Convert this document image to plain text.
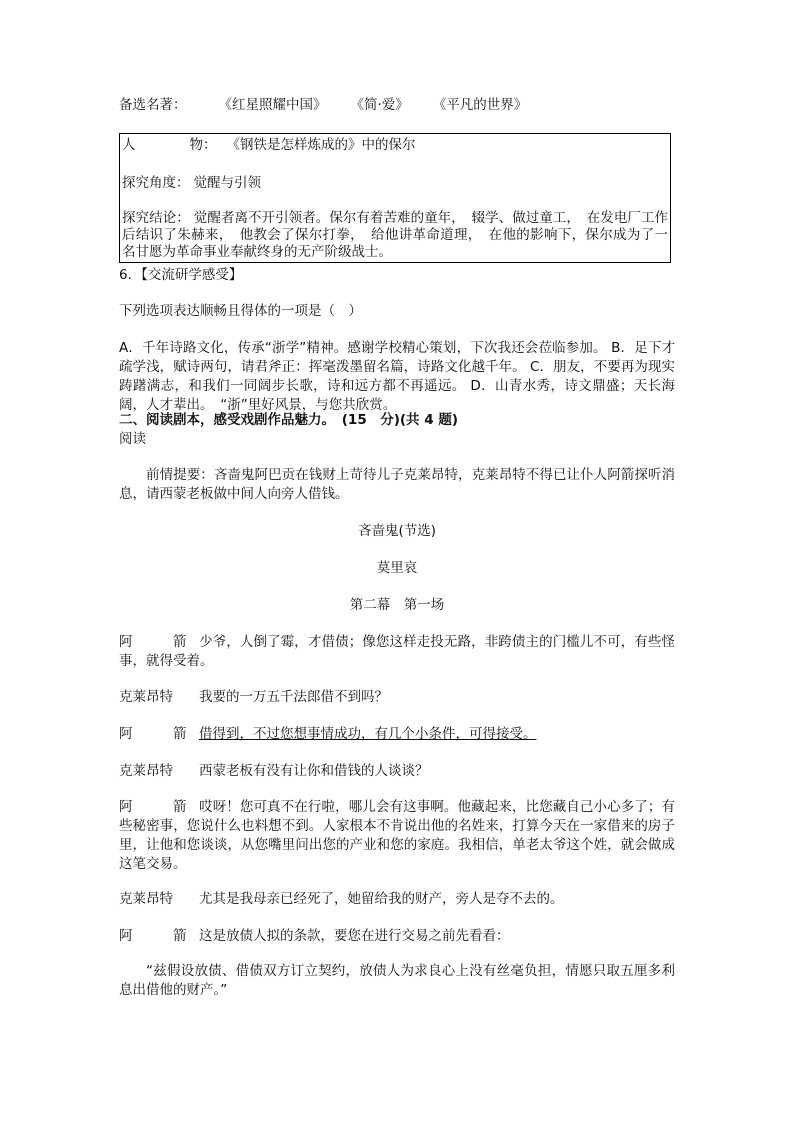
备选名著： 《红星照耀中国》 《简·爱》 《平凡的世界》
人　　　　物： 《钢铁是怎样炼成的》中的保尔
探究角度： 觉醒与引领
探究结论： 觉醒者离不开引领者。保尔有着苦难的童年，　辍学、做过童工，　在发电厂工作后结识了朱赫来，　他教会了保尔打拳，　给他讲革命道理，　在他的影响下，保尔成为了一名甘愿为革命事业奉献终身的无产阶级战士。
6．【交流研学感受】
下列选项表达顺畅且得体的一项是（　）
A．千年诗路文化，传承“浙学”精神。感谢学校精心策划，下次我还会莅临参加。 B．足下才疏学浅，赋诗两句，请君斧正：挥毫泼墨留名篇，诗路文化越千年。 C．朋友，不要再为现实踌躇满志，和我们一同阔步长歌，诗和远方都不再遥远。 D．山青水秀，诗文鼎盛；天长海阔，人才辈出。　“浙”里好风景，与您共欣赏。
二、阅读剧本，感受戏剧作品魅力。　(15　分)(共 4 题)
阅读
前情提要：吝啬鬼阿巴贡在钱财上苛待儿子克莱昂特，克莱昂特不得已让仆人阿箭探听消息，请西蒙老板做中间人向旁人借钱。
吝啬鬼(节选)
莫里哀
第二幕　第一场
阿　　　箭 少爷，人倒了霉，才借债；像您这样走投无路，非跨债主的门槛儿不可，有些怪事，就得受着。
克莱昂特 我要的一万五千法郎借不到吗？
阿　　　箭 借得到，不过您想事情成功，有几个小条件，可得接受。
克莱昂特 西蒙老板有没有让你和借钱的人谈谈？
阿　　　箭 哎呀！您可真不在行啦，哪儿会有这事啊。他藏起来，比您藏自己小心多了；有些秘密事，您说什么也料想不到。人家根本不肯说出他的名姓来，打算今天在一家借来的房子里，让他和您谈谈，从您嘴里问出您的产业和您的家庭。我相信，单老太爷这个姓，就会做成这笔交易。
克莱昂特 尤其是我母亲已经死了，她留给我的财产，旁人是夺不去的。
阿　　　箭 这是放债人拟的条款，要您在进行交易之前先看看：
“兹假设放债、借债双方订立契约，放债人为求良心上没有丝毫负担，情愿只取五厘多利息出借他的财产。”
